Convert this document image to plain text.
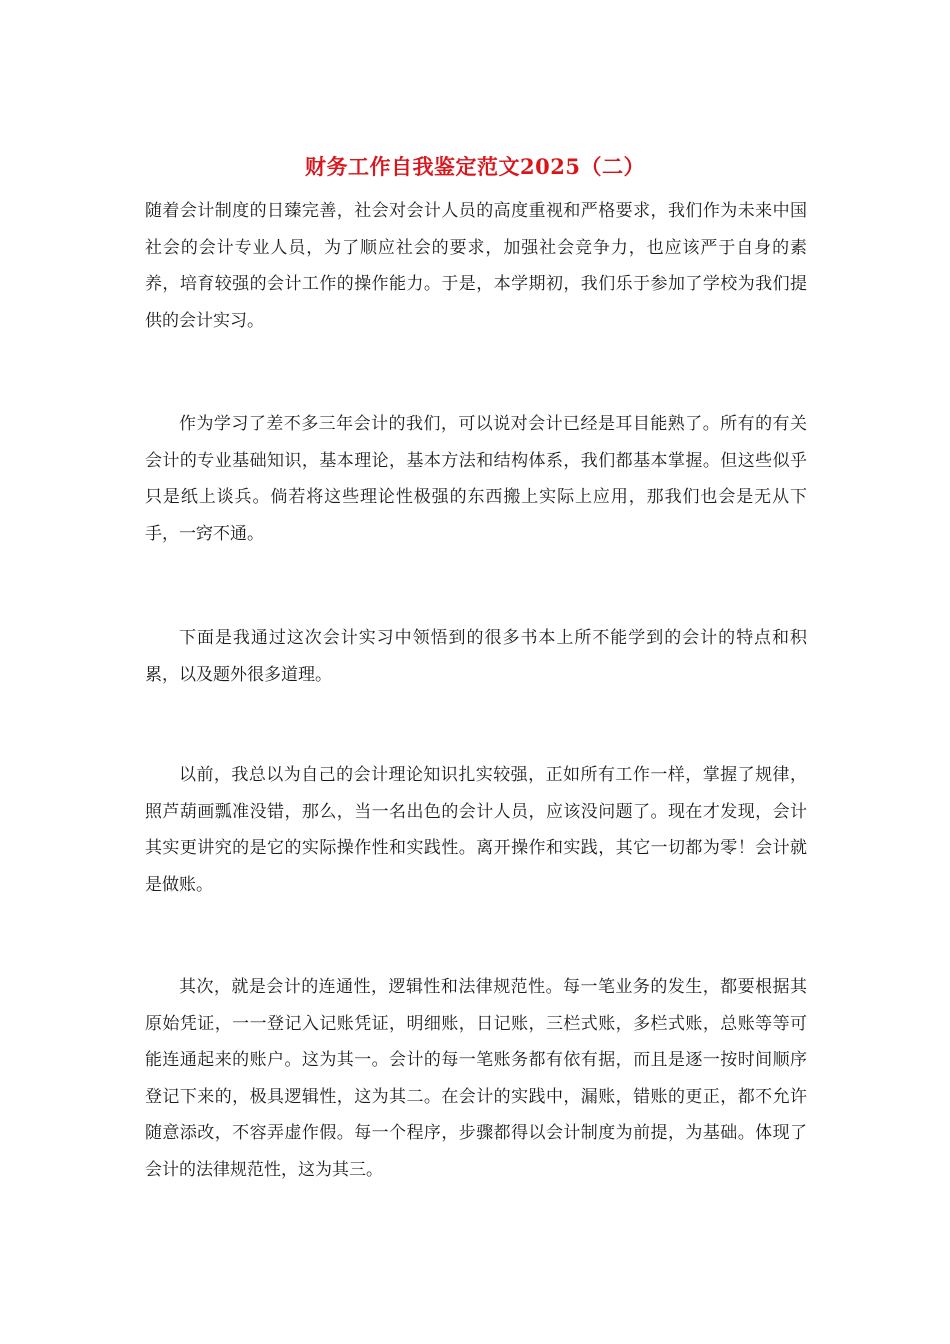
财务工作自我鉴定范文2025（二）

随着会计制度的日臻完善，社会对会计人员的高度重视和严格要求，我们作为未来中国社会的会计专业人员，为了顺应社会的要求，加强社会竞争力，也应该严于自身的素养，培育较强的会计工作的操作能力。于是，本学期初，我们乐于参加了学校为我们提供的会计实习。

作为学习了差不多三年会计的我们，可以说对会计已经是耳目能熟了。所有的有关会计的专业基础知识，基本理论，基本方法和结构体系，我们都基本掌握。但这些似乎只是纸上谈兵。倘若将这些理论性极强的东西搬上实际上应用，那我们也会是无从下手，一窍不通。

下面是我通过这次会计实习中领悟到的很多书本上所不能学到的会计的特点和积累，以及题外很多道理。

以前，我总以为自己的会计理论知识扎实较强，正如所有工作一样，掌握了规律，照芦葫画瓢准没错，那么，当一名出色的会计人员，应该没问题了。现在才发现，会计其实更讲究的是它的实际操作性和实践性。离开操作和实践，其它一切都为零！会计就是做账。

其次，就是会计的连通性，逻辑性和法律规范性。每一笔业务的发生，都要根据其原始凭证，一一登记入记账凭证，明细账，日记账，三栏式账，多栏式账，总账等等可能连通起来的账户。这为其一。会计的每一笔账务都有依有据，而且是逐一按时间顺序登记下来的，极具逻辑性，这为其二。在会计的实践中，漏账，错账的更正，都不允许随意添改，不容弄虚作假。每一个程序，步骤都得以会计制度为前提，为基础。体现了会计的法律规范性，这为其三。
